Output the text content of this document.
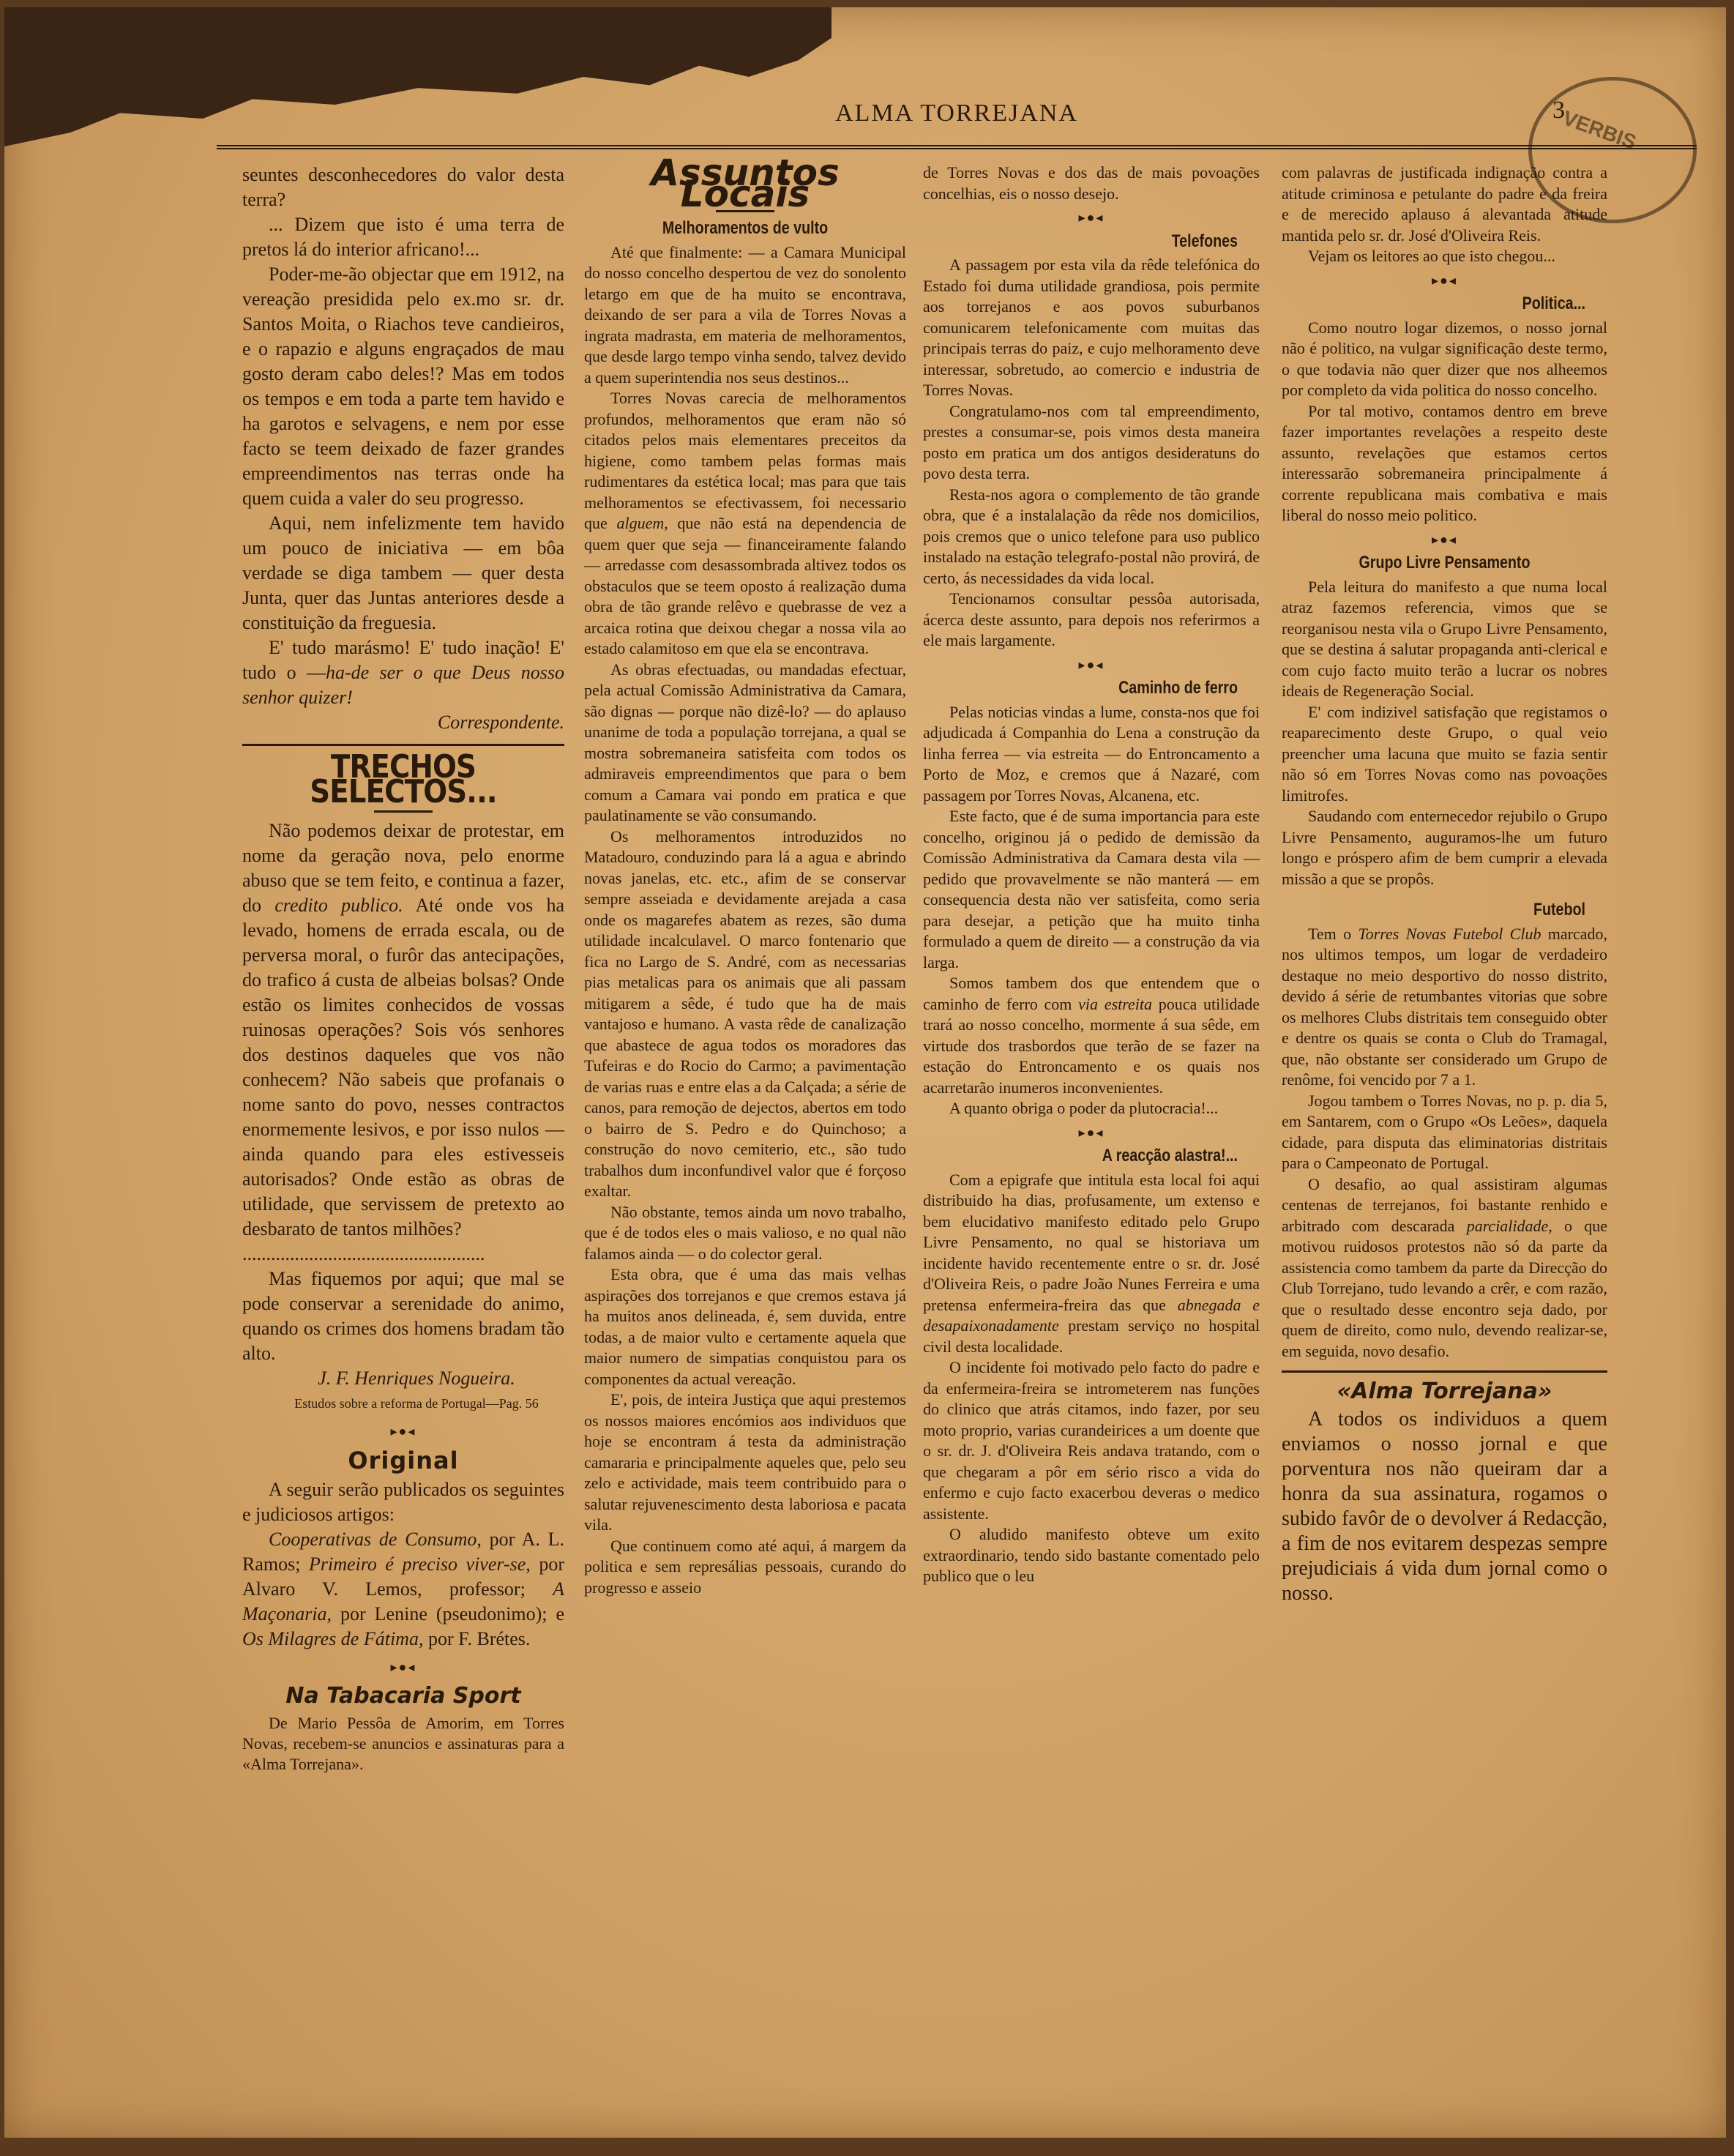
ALMA TORREJANA	3
VERBIS

seuntes desconhecedores do valor desta terra?

... Dizem que isto é uma terra de pretos lá do interior africano!...

Poder-me-ão objectar que em 1912, na vereação presidida pelo ex.mo sr. dr. Santos Moita, o Riachos teve candieiros, e o rapazio e alguns engraçados de mau gosto deram cabo deles!? Mas em todos os tempos e em toda a parte tem havido e ha garotos e selvagens, e nem por esse facto se teem deixado de fazer grandes empreendimentos nas terras onde ha quem cuida a valer do seu progresso.

Aqui, nem infelizmente tem havido um pouco de iniciativa — em bôa verdade se diga tambem — quer desta Junta, quer das Juntas anteriores desde a constituição da freguesia.

E' tudo marásmo! E' tudo inação! E' tudo o —ha-de ser o que Deus nosso senhor quizer!

Correspondente.

TRECHOS SELECTOS...

Não podemos deixar de protestar, em nome da geração nova, pelo enorme abuso que se tem feito, e continua a fazer, do credito publico. Até onde vos ha levado, homens de errada escala, ou de perversa moral, o furôr das antecipações, do trafico á custa de albeias bolsas? Onde estão os limites conhecidos de vossas ruinosas operações? Sois vós senhores dos destinos daqueles que vos não conhecem? Não sabeis que profanais o nome santo do povo, nesses contractos enormemente lesivos, e por isso nulos — ainda quando para eles estivesseis autorisados? Onde estão as obras de utilidade, que servissem de pretexto ao desbarato de tantos milhões?

...................................................

Mas fiquemos por aqui; que mal se pode conservar a serenidade do animo, quando os crimes dos homens bradam tão alto.

J. F. Henriques Nogueira.

Estudos sobre a reforma de Portugal—Pag. 56

▸●◂
Original

A seguir serão publicados os seguintes e judiciosos artigos:

Cooperativas de Consumo, por A. L. Ramos; Primeiro é preciso viver-se, por Alvaro V. Lemos, professor; A Maçonaria, por Lenine (pseudonimo); e Os Milagres de Fátima, por F. Brétes.

▸●◂
Na Tabacaria Sport

De Mario Pessôa de Amorim, em Torres Novas, recebem-se anuncios e assinaturas para a «Alma Torrejana».

Assuntos Locais
Melhoramentos de vulto

Até que finalmente: — a Camara Municipal do nosso concelho despertou de vez do sonolento letargo em que de ha muito se encontrava, deixando de ser para a vila de Torres Novas a ingrata madrasta, em materia de melhoramentos, que desde largo tempo vinha sendo, talvez devido a quem superintendia nos seus destinos...

Torres Novas carecia de melhoramentos profundos, melhoramentos que eram não só citados pelos mais elementares preceitos da higiene, como tambem pelas formas mais rudimentares da estética local; mas para que tais melhoramentos se efectivassem, foi necessario que alguem, que não está na dependencia de quem quer que seja — financeiramente falando — arredasse com desassombrada altivez todos os obstaculos que se teem oposto á realização duma obra de tão grande relêvo e quebrasse de vez a arcaica rotina que deixou chegar a nossa vila ao estado calamitoso em que ela se encontrava.

As obras efectuadas, ou mandadas efectuar, pela actual Comissão Administrativa da Camara, são dignas — porque não dizê-lo? — do aplauso unanime de toda a população torrejana, a qual se mostra sobremaneira satisfeita com todos os admiraveis empreendimentos que para o bem comum a Camara vai pondo em pratica e que paulatinamente se vão consumando.

Os melhoramentos introduzidos no Matadouro, conduzindo para lá a agua e abrindo novas janelas, etc. etc., afim de se conservar sempre asseiada e devidamente arejada a casa onde os magarefes abatem as rezes, são duma utilidade incalculavel. O marco fontenario que fica no Largo de S. André, com as necessarias pias metalicas para os animais que ali passam mitigarem a sêde, é tudo que ha de mais vantajoso e humano. A vasta rêde de canalização que abastece de agua todos os moradores das Tufeiras e do Rocio do Carmo; a pavimentação de varias ruas e entre elas a da Calçada; a série de canos, para remoção de dejectos, abertos em todo o bairro de S. Pedro e do Quinchoso; a construção do novo cemiterio, etc., são tudo trabalhos dum inconfundivel valor que é forçoso exaltar.

Não obstante, temos ainda um novo trabalho, que é de todos eles o mais valioso, e no qual não falamos ainda — o do colector geral.

Esta obra, que é uma das mais velhas aspirações dos torrejanos e que cremos estava já ha muitos anos delineada, é, sem duvida, entre todas, a de maior vulto e certamente aquela que maior numero de simpatias conquistou para os componentes da actual vereação.

E', pois, de inteira Justiça que aqui prestemos os nossos maiores encómios aos individuos que hoje se encontram á testa da administração camararia e principalmente aqueles que, pelo seu zelo e actividade, mais teem contribuido para o salutar rejuvenescimento desta laboriosa e pacata vila.

Que continuem como até aqui, á margem da politica e sem represálias pessoais, curando do progresso e asseio

de Torres Novas e dos das de mais povoações concelhias, eis o nosso desejo.

▸●◂
Telefones

A passagem por esta vila da rêde telefónica do Estado foi duma utilidade grandiosa, pois permite aos torrejanos e aos povos suburbanos comunicarem telefonicamente com muitas das principais terras do paiz, e cujo melhoramento deve interessar, sobretudo, ao comercio e industria de Torres Novas.

Congratulamo-nos com tal empreendimento, prestes a consumar-se, pois vimos desta maneira posto em pratica um dos antigos desideratuns do povo desta terra.

Resta-nos agora o complemento de tão grande obra, que é a instalalação da rêde nos domicilios, pois cremos que o unico telefone para uso publico instalado na estação telegrafo-postal não provirá, de certo, ás necessidades da vida local.

Tencionamos consultar pessôa autorisada, ácerca deste assunto, para depois nos referirmos a ele mais largamente.

▸●◂
Caminho de ferro

Pelas noticias vindas a lume, consta-nos que foi adjudicada á Companhia do Lena a construção da linha ferrea — via estreita — do Entroncamento a Porto de Moz, e cremos que á Nazaré, com passagem por Torres Novas, Alcanena, etc.

Este facto, que é de suma importancia para este concelho, originou já o pedido de demissão da Comissão Administrativa da Camara desta vila — pedido que provavelmente se não manterá — em consequencia desta não ver satisfeita, como seria para desejar, a petição que ha muito tinha formulado a quem de direito — a construção da via larga.

Somos tambem dos que entendem que o caminho de ferro com via estreita pouca utilidade trará ao nosso concelho, mormente á sua sêde, em virtude dos trasbordos que terão de se fazer na estação do Entroncamento e os quais nos acarretarão inumeros inconvenientes.

A quanto obriga o poder da plutocracia!...

▸●◂
A reacção alastra!...

Com a epigrafe que intitula esta local foi aqui distribuido ha dias, profusamente, um extenso e bem elucidativo manifesto editado pelo Grupo Livre Pensamento, no qual se historiava um incidente havido recentemente entre o sr. dr. José d'Oliveira Reis, o padre João Nunes Ferreira e uma pretensa enfermeira-freira das que abnegada e desapaixonadamente prestam serviço no hospital civil desta localidade.

O incidente foi motivado pelo facto do padre e da enfermeira-freira se intrometerem nas funções do clinico que atrás citamos, indo fazer, por seu moto proprio, varias curandeirices a um doente que o sr. dr. J. d'Oliveira Reis andava tratando, com o que chegaram a pôr em sério risco a vida do enfermo e cujo facto exacerbou deveras o medico assistente.

O aludido manifesto obteve um exito extraordinario, tendo sido bastante comentado pelo publico que o leu

com palavras de justificada indignação contra a atitude criminosa e petulante do padre e da freira e de merecido aplauso á alevantada atitude mantida pelo sr. dr. José d'Oliveira Reis.

Vejam os leitores ao que isto chegou...

▸●◂
Politica...

Como noutro logar dizemos, o nosso jornal não é politico, na vulgar significação deste termo, o que todavia não quer dizer que nos alheemos por completo da vida politica do nosso concelho.

Por tal motivo, contamos dentro em breve fazer importantes revelações a respeito deste assunto, revelações que estamos certos interessarão sobremaneira principalmente á corrente republicana mais combativa e mais liberal do nosso meio politico.

▸●◂
Grupo Livre Pensamento

Pela leitura do manifesto a que numa local atraz fazemos referencia, vimos que se reorganisou nesta vila o Grupo Livre Pensamento, que se destina á salutar propaganda anti-clerical e com cujo facto muito terão a lucrar os nobres ideais de Regeneração Social.

E' com indizivel satisfação que registamos o reaparecimento deste Grupo, o qual veio preencher uma lacuna que muito se fazia sentir não só em Torres Novas como nas povoações limitrofes.

Saudando com enternecedor rejubilo o Grupo Livre Pensamento, auguramos-lhe um futuro longo e próspero afim de bem cumprir a elevada missão a que se propôs.

Futebol

Tem o Torres Novas Futebol Club marcado, nos ultimos tempos, um logar de verdadeiro destaque no meio desportivo do nosso distrito, devido á série de retumbantes vitorias que sobre os melhores Clubs distritais tem conseguido obter e dentre os quais se conta o Club do Tramagal, que, não obstante ser considerado um Grupo de renôme, foi vencido por 7 a 1.

Jogou tambem o Torres Novas, no p. p. dia 5, em Santarem, com o Grupo «Os Leões», daquela cidade, para disputa das eliminatorias distritais para o Campeonato de Portugal.

O desafio, ao qual assistiram algumas centenas de terrejanos, foi bastante renhido e arbitrado com descarada parcialidade, o que motivou ruidosos protestos não só da parte da assistencia como tambem da parte da Direcção do Club Torrejano, tudo levando a crêr, e com razão, que o resultado desse encontro seja dado, por quem de direito, como nulo, devendo realizar-se, em seguida, novo desafio.

«Alma Torrejana»

A todos os individuos a quem enviamos o nosso jornal e que porventura nos não queiram dar a honra da sua assinatura, rogamos o subido favôr de o devolver á Redacção, a fim de nos evitarem despezas sempre prejudiciais á vida dum jornal como o nosso.
